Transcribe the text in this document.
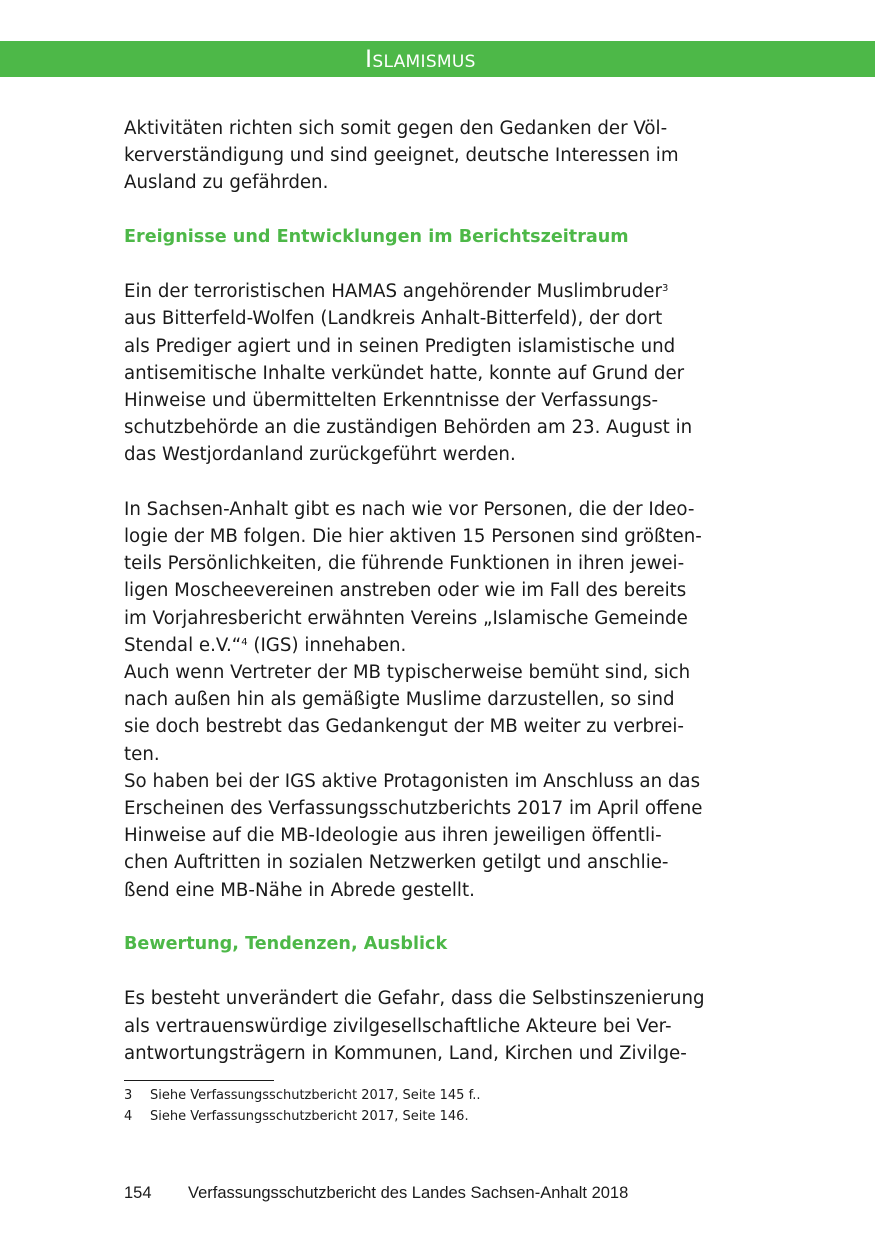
Islamismus

Aktivitäten richten sich somit gegen den Gedanken der Völ-
kerverständigung und sind geeignet, deutsche Interessen im
Ausland zu gefährden.

Ereignisse und Entwicklungen im Berichtszeitraum

Ein der terroristischen HAMAS angehörender Muslimbruder$^3$
aus Bitterfeld-Wolfen (Landkreis Anhalt-Bitterfeld), der dort
als Prediger agiert und in seinen Predigten islamistische und
antisemitische Inhalte verkündet hatte, konnte auf Grund der
Hinweise und übermittelten Erkenntnisse der Verfassungs-
schutzbehörde an die zuständigen Behörden am 23. August in
das Westjordanland zurückgeführt werden.

In Sachsen-Anhalt gibt es nach wie vor Personen, die der Ideo-
logie der MB folgen. Die hier aktiven 15 Personen sind größten-
teils Persönlichkeiten, die führende Funktionen in ihren jewei-
ligen Moscheevereinen anstreben oder wie im Fall des bereits
im Vorjahresbericht erwähnten Vereins „Islamische Gemeinde
Stendal e.V.“$^4$ (IGS) innehaben.

Auch wenn Vertreter der MB typischerweise bemüht sind, sich
nach außen hin als gemäßigte Muslime darzustellen, so sind
sie doch bestrebt das Gedankengut der MB weiter zu verbrei-
ten.

So haben bei der IGS aktive Protagonisten im Anschluss an das
Erscheinen des Verfassungsschutzberichts 2017 im April offene
Hinweise auf die MB-Ideologie aus ihren jeweiligen öffentli-
chen Auftritten in sozialen Netzwerken getilgt und anschlie-
ßend eine MB-Nähe in Abrede gestellt.

Bewertung, Tendenzen, Ausblick

Es besteht unverändert die Gefahr, dass die Selbstinszenierung
als vertrauenswürdige zivilgesellschaftliche Akteure bei Ver-
antwortungsträgern in Kommunen, Land, Kirchen und Zivilge-

3 Siehe Verfassungsschutzbericht 2017, Seite 145 f..
4 Siehe Verfassungsschutzbericht 2017, Seite 146.
154 Verfassungsschutzbericht des Landes Sachsen-Anhalt 2018
